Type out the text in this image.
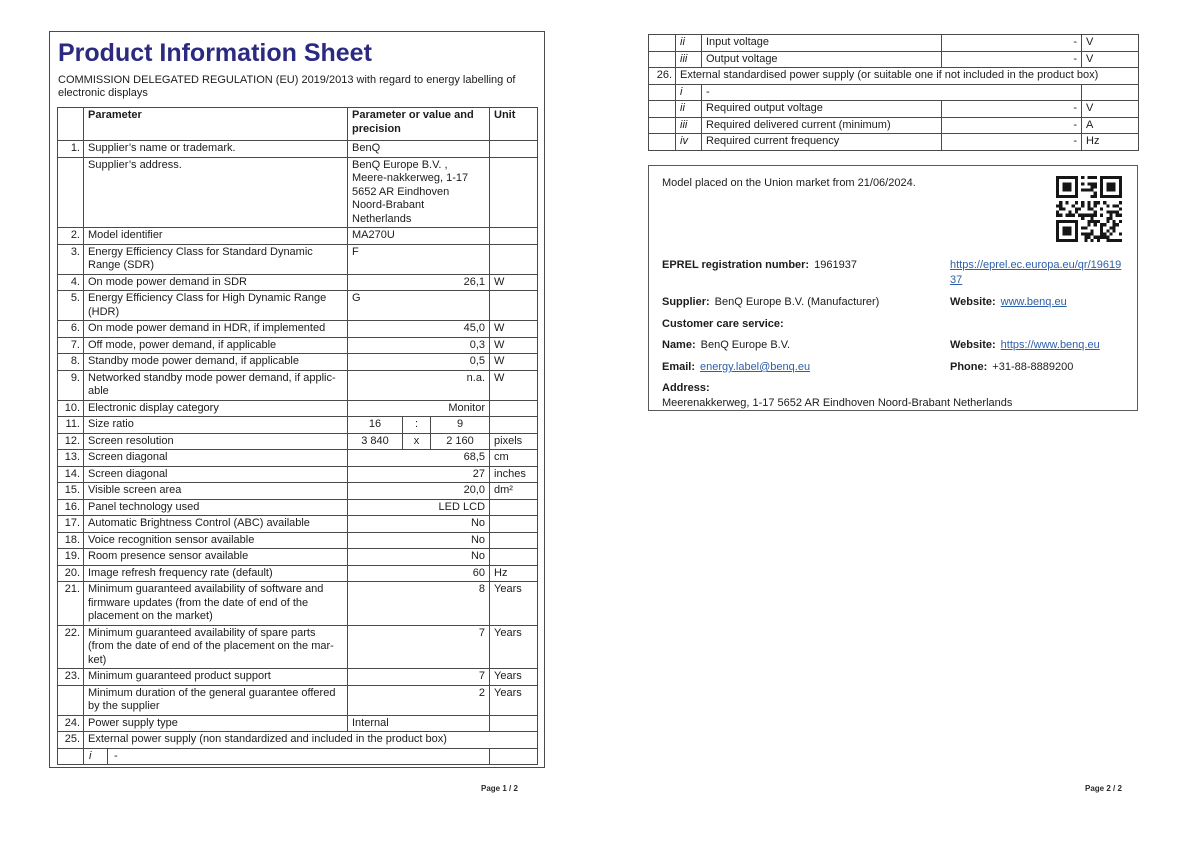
Product Information Sheet
COMMISSION DELEGATED REGULATION (EU) 2019/2013 with regard to energy labelling of electronic displays
	Parameter	Parameter or value and precision			Unit
1.	Supplier’s name or trademark.	BenQ			
	Supplier’s address.	BenQ Europe B.V. , Meere-nakkerweg, 1-17 5652 AR Eindhoven Noord-Brabant Netherlands			
2.	Model identifier	MA270U			
3.	Energy Efficiency Class for Standard Dynamic Range (SDR)	F			
4.	On mode power demand in SDR	26,1			W
5.	Energy Efficiency Class for High Dynamic Range (HDR)	G			
6.	On mode power demand in HDR, if implemented	45,0			W
7.	Off mode, power demand, if applicable	0,3			W
8.	Standby mode power demand, if applicable	0,5			W
9.	Networked standby mode power demand, if applic-able	n.a.			W
10.	Electronic display category	Monitor			
11.	Size ratio	16	:	9	
12.	Screen resolution	3 840	x	2 160	pixels
13.	Screen diagonal	68,5			cm
14.	Screen diagonal	27			inches
15.	Visible screen area	20,0			dm²
16.	Panel technology used	LED LCD			
17.	Automatic Brightness Control (ABC) available	No			
18.	Voice recognition sensor available	No			
19.	Room presence sensor available	No			
20.	Image refresh frequency rate (default)	60			Hz
21.	Minimum guaranteed availability of software and firmware updates (from the date of end of the placement on the market)	8			Years
22.	Minimum guaranteed availability of spare parts (from the date of end of the placement on the mar-ket)	7			Years
23.	Minimum guaranteed product support	7			Years
	Minimum duration of the general guarantee offered by the supplier	2			Years
24.	Power supply type	Internal			
25.	External power supply (non standardized and included in the product box)				

	i -				

Page 1 / 2
	ii	Input voltage	-	V
	iii	Output voltage	-	V
26.	External standardised power supply (or suitable one if not included in the product box)			
	i	-		
	ii	Required output voltage	-	V
	iii	Required delivered current (minimum)	-	A
	iv	Required current frequency	-	Hz
Model placed on the Union market from 21/06/2024.
EPREL registration number: 1961937	https://eprel.ec.europa.eu/qr/1961937
Supplier: BenQ Europe B.V. (Manufacturer)	Website: www.benq.eu
Customer care service:
Name: BenQ Europe B.V.	Website: https://www.benq.eu
Email: energy.label@benq.eu	Phone: +31-88-8889200
Address:
Meerenakkerweg, 1-17 5652 AR Eindhoven Noord-Brabant Netherlands
Page 2 / 2
